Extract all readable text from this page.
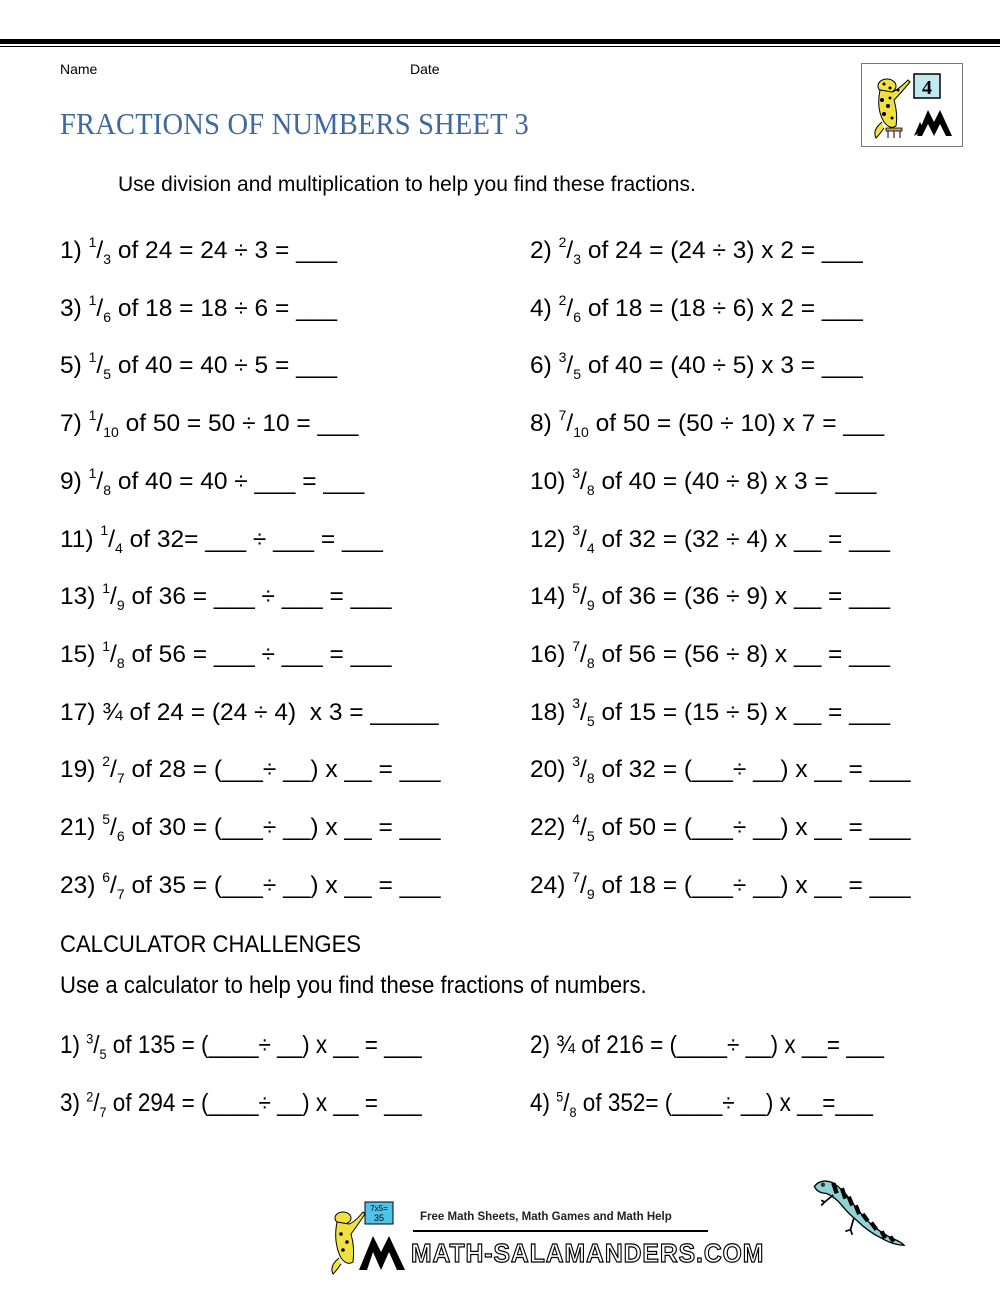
Name	Date
FRACTIONS OF NUMBERS SHEET 3
4
Use division and multiplication to help you find these fractions.
1) $^1/_3$ of 24 = 24 ÷ 3 = ___	2) $^2/_3$ of 24 = (24 ÷ 3) x 2 = ___
3) $^1/_6$ of 18 = 18 ÷ 6 = ___	4) $^2/_6$ of 18 = (18 ÷ 6) x 2 = ___
5) $^1/_5$ of 40 = 40 ÷ 5 = ___	6) $^3/_5$ of 40 = (40 ÷ 5) x 3 = ___
7) $^1/_{10}$ of 50 = 50 ÷ 10 = ___	8) $^7/_{10}$ of 50 = (50 ÷ 10) x 7 = ___
9) $^1/_8$ of 40 = 40 ÷ ___ = ___	10) $^3/_8$ of 40 = (40 ÷ 8) x 3 = ___
11) $^1/_4$ of 32= ___ ÷ ___ = ___	12) $^3/_4$ of 32 = (32 ÷ 4) x __ = ___
13) $^1/_9$ of 36 = ___ ÷ ___ = ___	14) $^5/_9$ of 36 = (36 ÷ 9) x __ = ___
15) $^1/_8$ of 56 = ___ ÷ ___ = ___	16) $^7/_8$ of 56 = (56 ÷ 8) x __ = ___
17) ¾ of 24 = (24 ÷ 4)  x 3 = _____	18) $^3/_5$ of 15 = (15 ÷ 5) x __ = ___
19) $^2/_7$ of 28 = (___÷ __) x __ = ___	20) $^3/_8$ of 32 = (___÷ __) x __ = ___
21) $^5/_6$ of 30 = (___÷ __) x __ = ___	22) $^4/_5$ of 50 = (___÷ __) x __ = ___
23) $^6/_7$ of 35 = (___÷ __) x __ = ___	24) $^7/_9$ of 18 = (___÷ __) x __ = ___
CALCULATOR CHALLENGES
Use a calculator to help you find these fractions of numbers.
1) $^3/_5$ of 135 = (____÷ __) x __ = ___	2) ¾ of 216 = (____÷ __) x __= ___
3) $^2/_7$ of 294 = (____÷ __) x __ = ___	4) $^5/_8$ of 352= (____÷ __) x __=___
7x5=
35	Free Math Sheets, Math Games and Math Help
MATH-SALAMANDERS.COM
